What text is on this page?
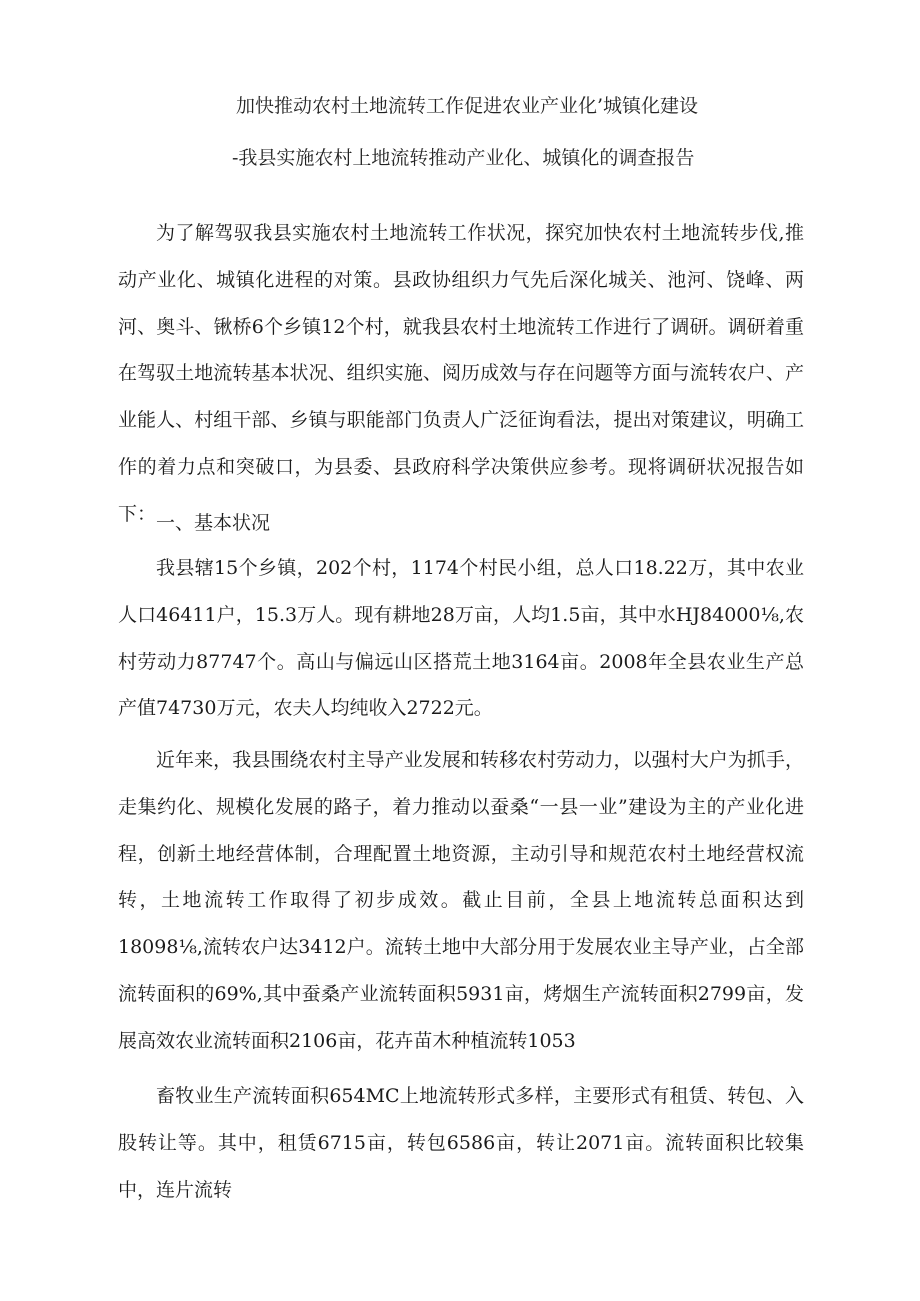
加快推动农村土地流转工作促进农业产业化’城镇化建设
-我县实施农村上地流转推动产业化、城镇化的调查报告

为了解驾驭我县实施农村土地流转工作状况，探究加快农村土地流转步伐,推动产业化、城镇化进程的对策。县政协组织力气先后深化城关、池河、饶峰、两河、奥斗、锹桥6个乡镇12个村，就我县农村土地流转工作进行了调研。调研着重在驾驭土地流转基本状况、组织实施、阅历成效与存在问题等方面与流转农户、产业能人、村组干部、乡镇与职能部门负责人广泛征询看法，提出对策建议，明确工作的着力点和突破口，为县委、县政府科学决策供应参考。现将调研状况报告如下： 一、基本状况

我县辖15个乡镇，202个村，1174个村民小组，总人口18.22万，其中农业人口46411户，15.3万人。现有耕地28万亩，人均1.5亩，其中水HJ84000⅛,农村劳动力87747个。高山与偏远山区搭荒土地3164亩。2008年全县农业生产总产值74730万元，农夫人均纯收入2722元。

近年来，我县围绕农村主导产业发展和转移农村劳动力，以强村大户为抓手，走集约化、规模化发展的路子，着力推动以蚕桑“一县一业”建设为主的产业化进程，创新土地经营体制，合理配置土地资源，主动引导和规范农村土地经营权流转，土地流转工作取得了初步成效。截止目前，全县上地流转总面积达到18098⅛,流转农户达3412户。流转土地中大部分用于发展农业主导产业，占全部流转面积的69%,其中蚕桑产业流转面积5931亩，烤烟生产流转面积2799亩，发展高效农业流转面积2106亩，花卉苗木种植流转1053

畜牧业生产流转面积654MC上地流转形式多样，主要形式有租赁、转包、入股转让等。其中，租赁6715亩，转包6586亩，转让2071亩。流转面积比较集中，连片流转
